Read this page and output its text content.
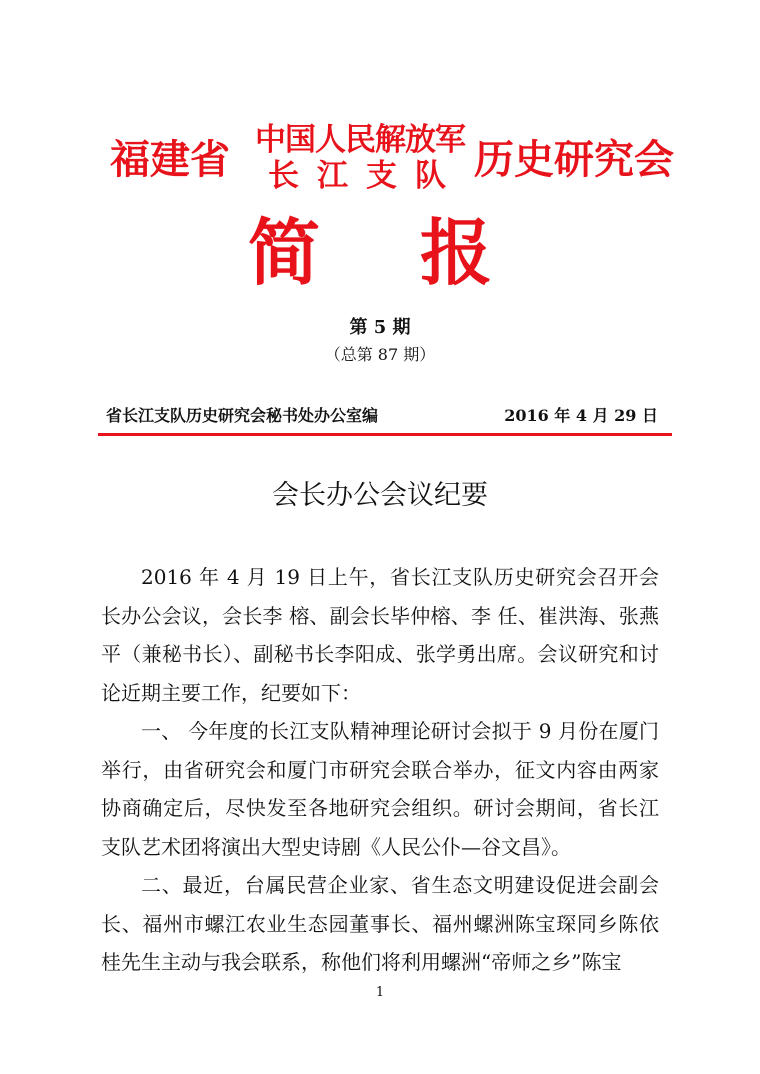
福建省 中国人民解放军
长江支队 历史研究会
简报
第 5 期
（总第 87 期）
省长江支队历史研究会秘书处办公室编	2016 年 4 月 29 日
会长办公会议纪要

2016 年 4 月 19 日上午，省长江支队历史研究会召开会长办公会议，会长李 榕、副会长毕仲榕、李 任、崔洪海、张燕平（兼秘书长）、副秘书长李阳成、张学勇出席。会议研究和讨论近期主要工作，纪要如下：

一、 今年度的长江支队精神理论研讨会拟于 9 月份在厦门举行，由省研究会和厦门市研究会联合举办，征文内容由两家协商确定后，尽快发至各地研究会组织。研讨会期间，省长江支队艺术团将演出大型史诗剧《人民公仆—谷文昌》。

二、最近，台属民营企业家、省生态文明建设促进会副会长、福州市螺江农业生态园董事长、福州螺洲陈宝琛同乡陈依桂先生主动与我会联系，称他们将利用螺洲“帝师之乡”陈宝

1
